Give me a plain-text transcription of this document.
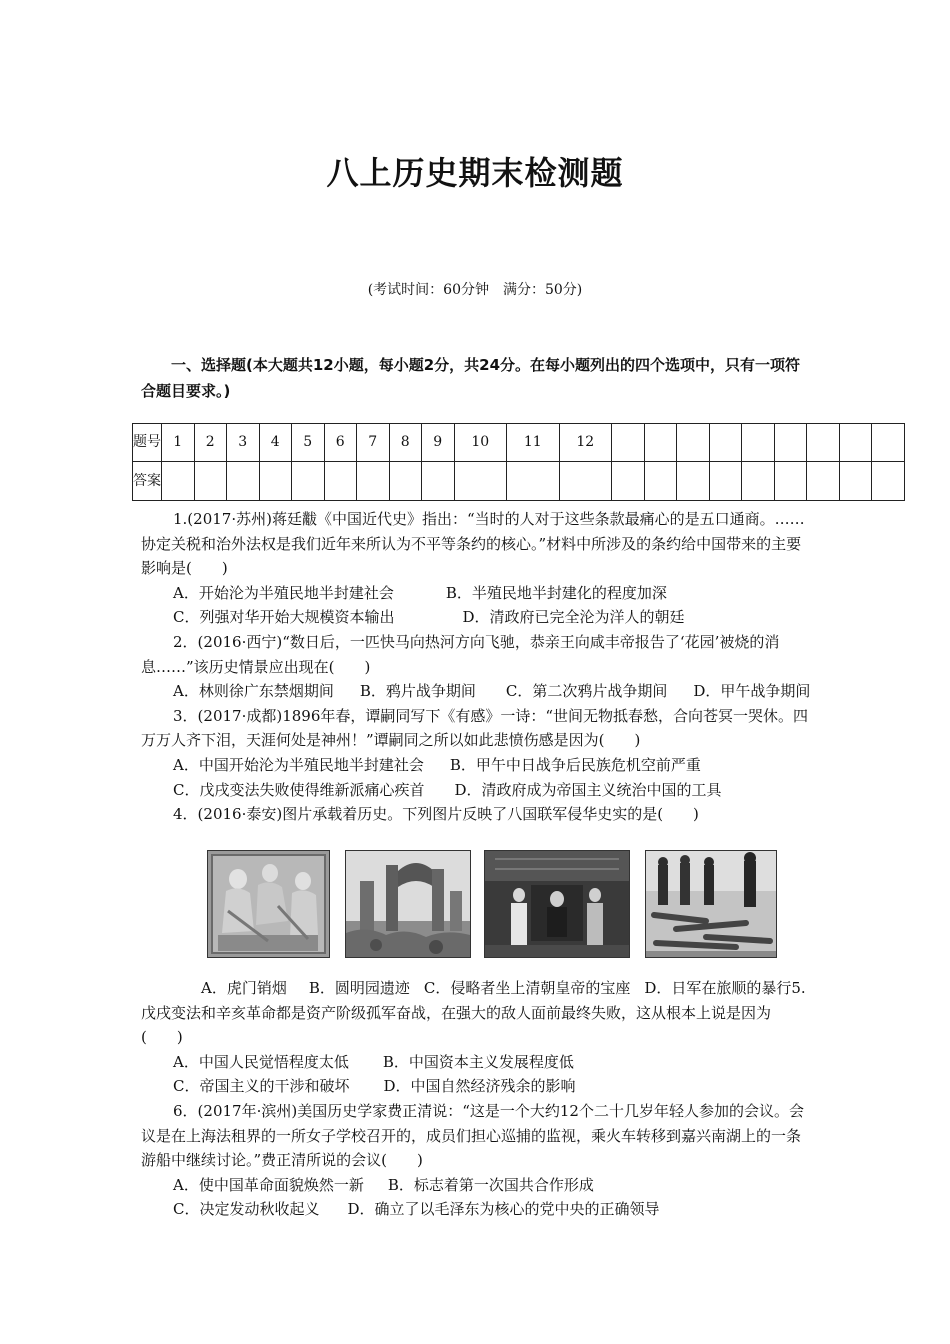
八上历史期末检测题
(考试时间：60分钟　满分：50分)
一、选择题(本大题共12小题，每小题2分，共24分。在每小题列出的四个选项中，只有一项符合题目要求。)
题号	1	2	3	4	5	6	7	8	9	10	11	12									
答案																					

1.(2017·苏州)蒋廷黻《中国近代史》指出：“当时的人对于这些条款最痛心的是五口通商。……协定关税和治外法权是我们近年来所认为不平等条约的核心。”材料中所涉及的条约给中国带来的主要影响是(　　)

A．开始沦为半殖民地半封建社会	B．半殖民地半封建化的程度加深
C．列强对华开始大规模资本输出	D．清政府已完全沦为洋人的朝廷

2．(2016·西宁)“数日后，一匹快马向热河方向飞驰，恭亲王向咸丰帝报告了‘花园’被烧的消息……”该历史情景应出现在(　　)

A．林则徐广东禁烟期间 B．鸦片战争期间 C．第二次鸦片战争期间 D．甲午战争期间

3．(2017·成都)1896年春，谭嗣同写下《有感》一诗：“世间无物抵春愁，合向苍冥一哭休。四万万人齐下泪，天涯何处是神州！”谭嗣同之所以如此悲愤伤感是因为(　　)

A．中国开始沦为半殖民地半封建社会 B．甲午中日战争后民族危机空前严重
C．戊戌变法失败使得维新派痛心疾首 D．清政府成为帝国主义统治中国的工具

4．(2016·泰安)图片承载着历史。下列图片反映了八国联军侵华史实的是(　　)

A．虎门销烟 B．圆明园遗迹 C．侵略者坐上清朝皇帝的宝座 D．日军在旅顺的暴行5.戊戌变法和辛亥革命都是资产阶级孤军奋战，在强大的敌人面前最终失败，这从根本上说是因为(　　)
A．中国人民觉悟程度太低 B．中国资本主义发展程度低
C．帝国主义的干涉和破坏 D．中国自然经济残余的影响

6．(2017年·滨州)美国历史学家费正清说：“这是一个大约12个二十几岁年轻人参加的会议。会议是在上海法租界的一所女子学校召开的，成员们担心巡捕的监视，乘火车转移到嘉兴南湖上的一条游船中继续讨论。”费正清所说的会议(　　)

A．使中国革命面貌焕然一新 B．标志着第一次国共合作形成
C．决定发动秋收起义 D．确立了以毛泽东为核心的党中央的正确领导
